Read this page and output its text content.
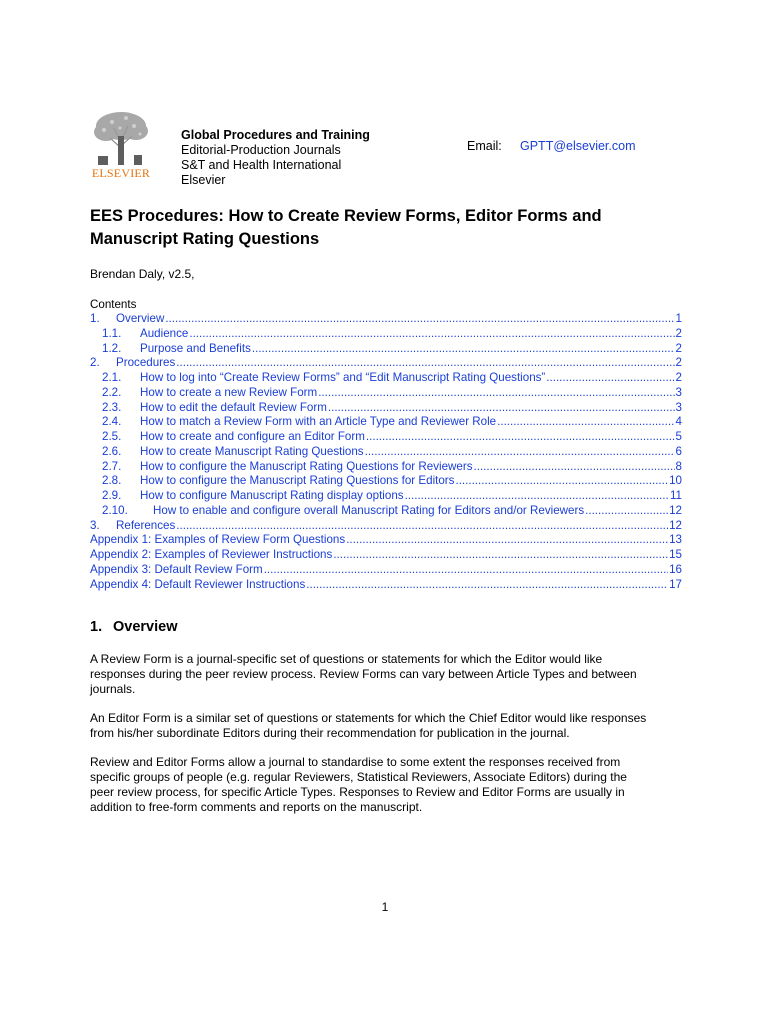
ELSEVIER
Global Procedures and Training
Editorial-Production Journals
S&T and Health International
Elsevier
Email: GPTT@elsevier.com
EES Procedures: How to Create Review Forms, Editor Forms and Manuscript Rating Questions
Brendan Daly, v2.5,
Contents
1.	Overview .....	1
1.1.	Audience .....	2
1.2.	Purpose and Benefits .....	2
2.	Procedures .....	2
2.1.	How to log into “Create Review Forms” and “Edit Manuscript Rating Questions” .....	2
2.2.	How to create a new Review Form .....	3
2.3.	How to edit the default Review Form .....	3
2.4.	How to match a Review Form with an Article Type and Reviewer Role .....	4
2.5.	How to create and configure an Editor Form .....	5
2.6.	How to create Manuscript Rating Questions .....	6
2.7.	How to configure the Manuscript Rating Questions for Reviewers .....	8
2.8.	How to configure the Manuscript Rating Questions for Editors .....	10
2.9.	How to configure Manuscript Rating display options .....	11
2.10.	How to enable and configure overall Manuscript Rating for Editors and/or Reviewers .....	12
3.	References .....	12
Appendix 1: Examples of Review Form Questions .....	13
Appendix 2: Examples of Reviewer Instructions .....	15
Appendix 3: Default Review Form .....	16
Appendix 4: Default Reviewer Instructions .....	17
1. Overview
A Review Form is a journal-specific set of questions or statements for which the Editor would like
responses during the peer review process. Review Forms can vary between Article Types and between
journals.
An Editor Form is a similar set of questions or statements for which the Chief Editor would like responses
from his/her subordinate Editors during their recommendation for publication in the journal.
Review and Editor Forms allow a journal to standardise to some extent the responses received from
specific groups of people (e.g. regular Reviewers, Statistical Reviewers, Associate Editors) during the
peer review process, for specific Article Types. Responses to Review and Editor Forms are usually in
addition to free-form comments and reports on the manuscript.
1
